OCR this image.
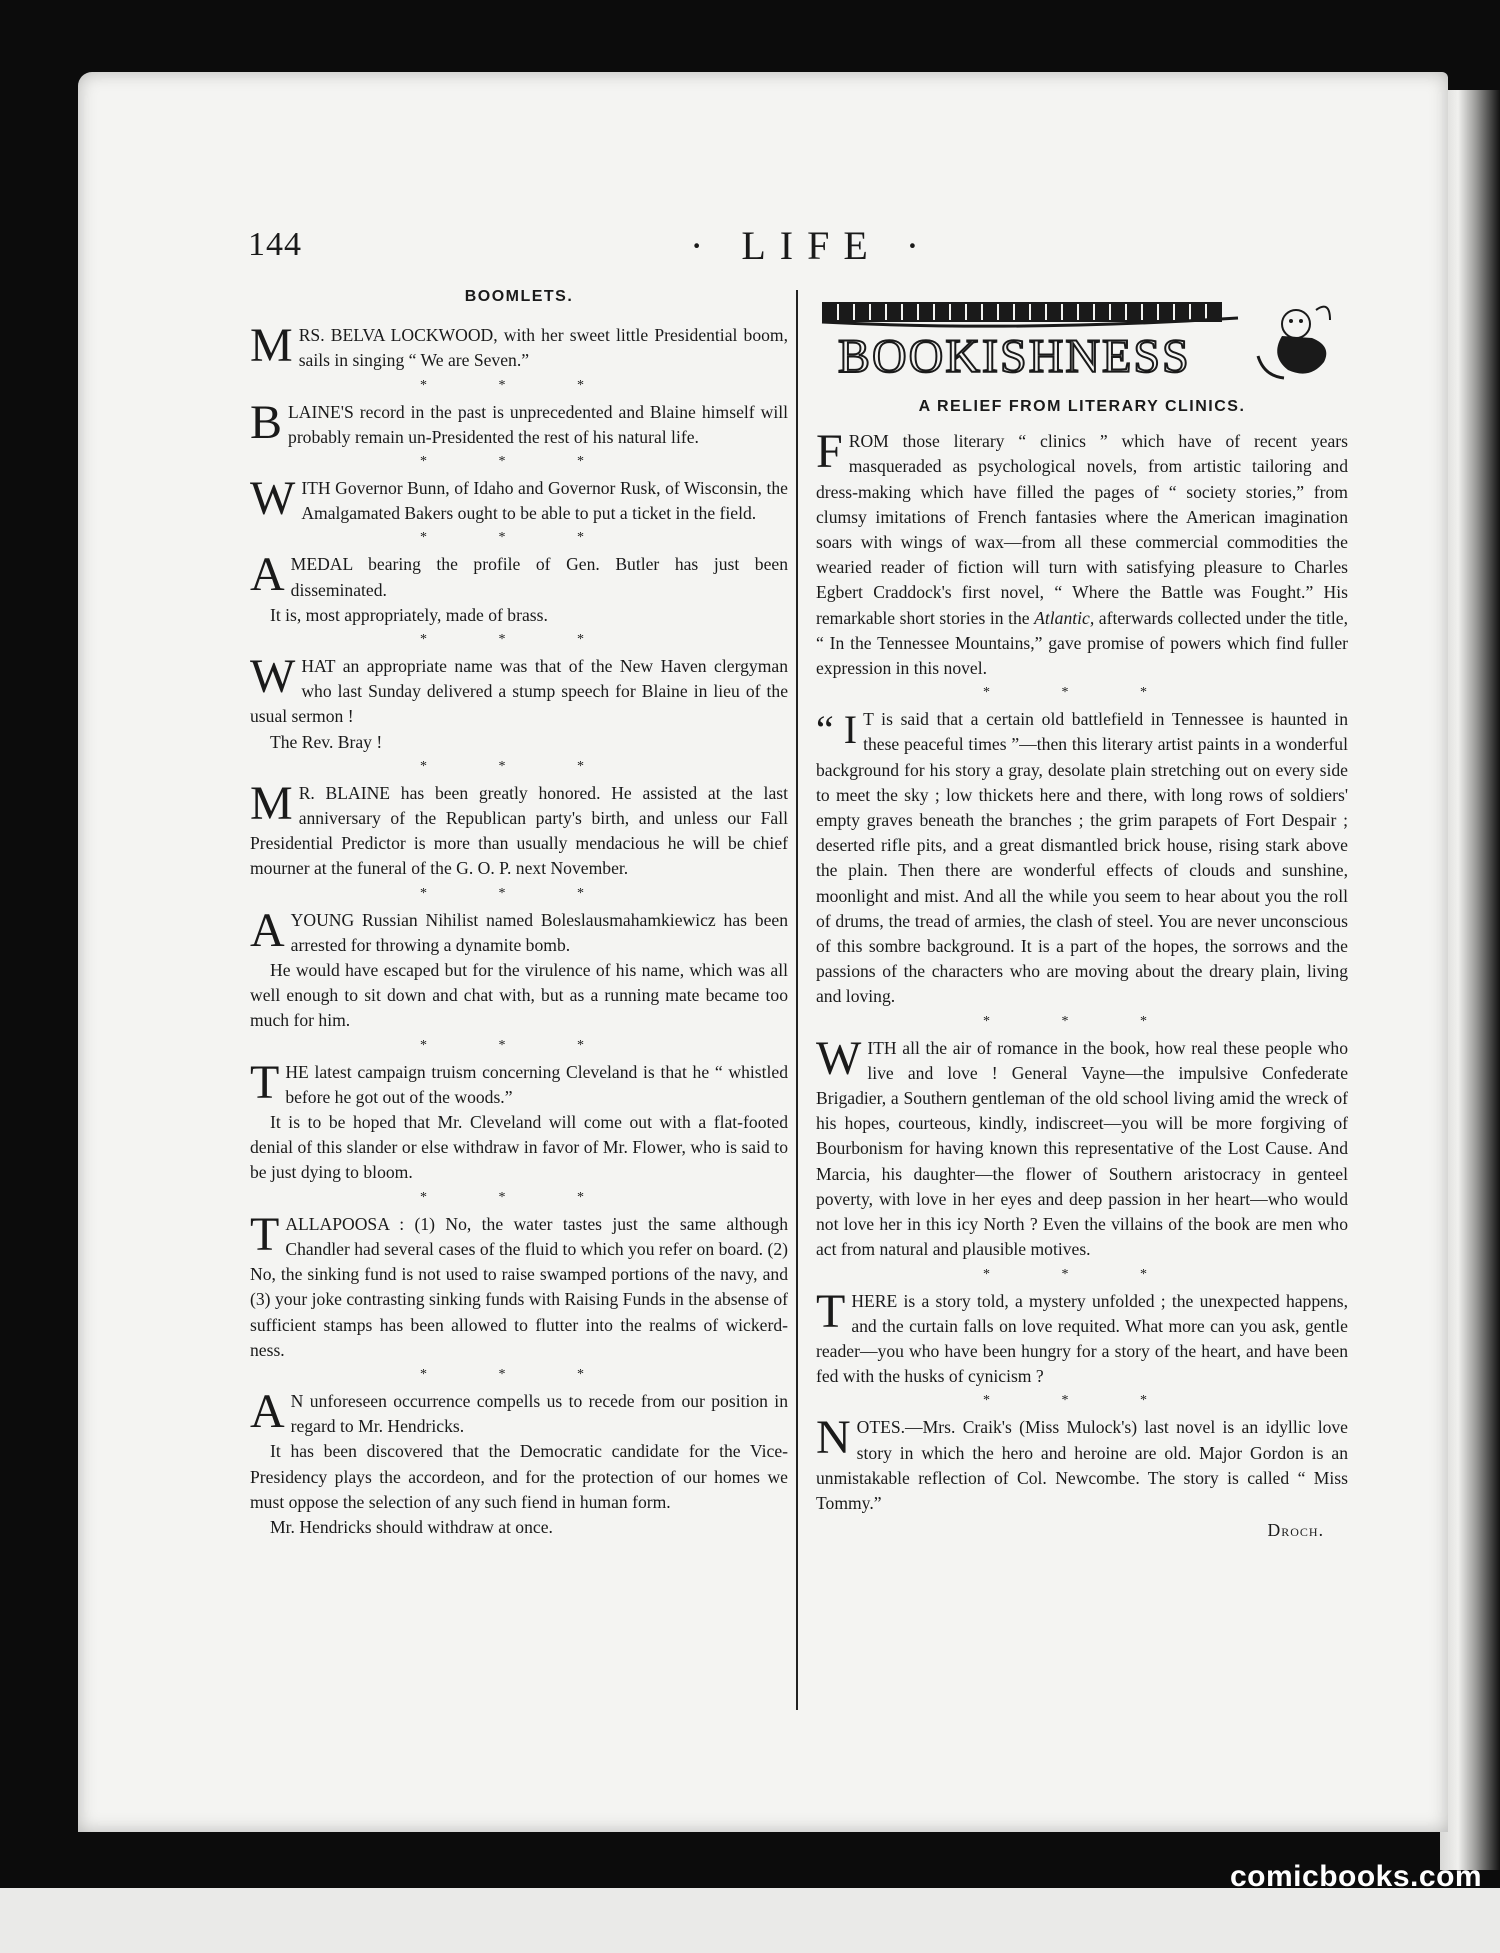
144	· LIFE ·
BOOMLETS.

MRS. BELVA LOCKWOOD, with her sweet little Presidential boom, sails in singing “ We are Seven.”

* * *

BLAINE'S record in the past is unprecedented and Blaine himself will probably remain un-Presidented the rest of his natural life.

* * *

WITH Governor Bunn, of Idaho and Governor Rusk, of Wisconsin, the Amalgamated Bakers ought to be able to put a ticket in the field.

* * *

AMEDAL bearing the profile of Gen. Butler has just been disseminated.

It is, most appropriately, made of brass.

* * *

WHAT an appropriate name was that of the New Haven clergyman who last Sunday delivered a stump speech for Blaine in lieu of the usual sermon !

The Rev. Bray !

* * *

M R. BLAINE has been greatly honored. He assisted at the last anniversary of the Republican party's birth, and unless our Fall Presidential Predictor is more than usually mendacious he will be chief mourner at the funeral of the G. O. P. next November.

* * *

AYOUNG Russian Nihilist named Boleslausmahamkiewicz has been arrested for throwing a dynamite bomb.

He would have escaped but for the virulence of his name, which was all well enough to sit down and chat with, but as a running mate became too much for him.

* * *

THE latest campaign truism concerning Cleveland is that he “ whistled before he got out of the woods.”

It is to be hoped that Mr. Cleveland will come out with a flat-footed denial of this slander or else withdraw in favor of Mr. Flower, who is said to be just dying to bloom.

* * *

TALLAPOOSA : (1) No, the water tastes just the same although Chandler had several cases of the fluid to which you refer on board. (2) No, the sinking fund is not used to raise swamped portions of the navy, and (3) your joke contrasting sinking funds with Raising Funds in the absense of sufficient stamps has been allowed to flutter into the realms of wickerd-ness.

* * *

A N unforeseen occurrence compells us to recede from our position in regard to Mr. Hendricks.

It has been discovered that the Democratic candidate for the Vice-Presidency plays the accordeon, and for the protection of our homes we must oppose the selection of any such fiend in human form.

Mr. Hendricks should withdraw at once.

BOOKISHNESS
A RELIEF FROM LITERARY CLINICS.

FROM those literary “ clinics ” which have of recent years masqueraded as psychological novels, from artistic tailoring and dress-making which have filled the pages of “ society stories,” from clumsy imitations of French fantasies where the American imagination soars with wings of wax—from all these commercial commodities the wearied reader of fiction will turn with satisfying pleasure to Charles Egbert Craddock's first novel, “ Where the Battle was Fought.” His remarkable short stories in the Atlantic, afterwards collected under the title, “ In the Tennessee Mountains,” gave promise of powers which find fuller expression in this novel.

* * *

“ I T is said that a certain old battlefield in Tennessee is haunted in these peaceful times ”—then this literary artist paints in a wonderful background for his story a gray, desolate plain stretching out on every side to meet the sky ; low thickets here and there, with long rows of soldiers' empty graves beneath the branches ; the grim parapets of Fort Despair ; deserted rifle pits, and a great dismantled brick house, rising stark above the plain. Then there are wonderful effects of clouds and sunshine, moonlight and mist. And all the while you seem to hear about you the roll of drums, the tread of armies, the clash of steel. You are never unconscious of this sombre background. It is a part of the hopes, the sorrows and the passions of the characters who are moving about the dreary plain, living and loving.

* * *

WITH all the air of romance in the book, how real these people who live and love ! General Vayne—the impulsive Confederate Brigadier, a Southern gentleman of the old school living amid the wreck of his hopes, courteous, kindly, indiscreet—you will be more forgiving of Bourbonism for having known this representative of the Lost Cause. And Marcia, his daughter—the flower of Southern aristocracy in genteel poverty, with love in her eyes and deep passion in her heart—who would not love her in this icy North ? Even the villains of the book are men who act from natural and plausible motives.

* * *

THERE is a story told, a mystery unfolded ; the unexpected happens, and the curtain falls on love requited. What more can you ask, gentle reader—you who have been hungry for a story of the heart, and have been fed with the husks of cynicism ?

* * *

NOTES.—Mrs. Craik's (Miss Mulock's) last novel is an idyllic love story in which the hero and heroine are old. Major Gordon is an unmistakable reflection of Col. Newcombe. The story is called “ Miss Tommy.”

Droch.
comicbooks.com
